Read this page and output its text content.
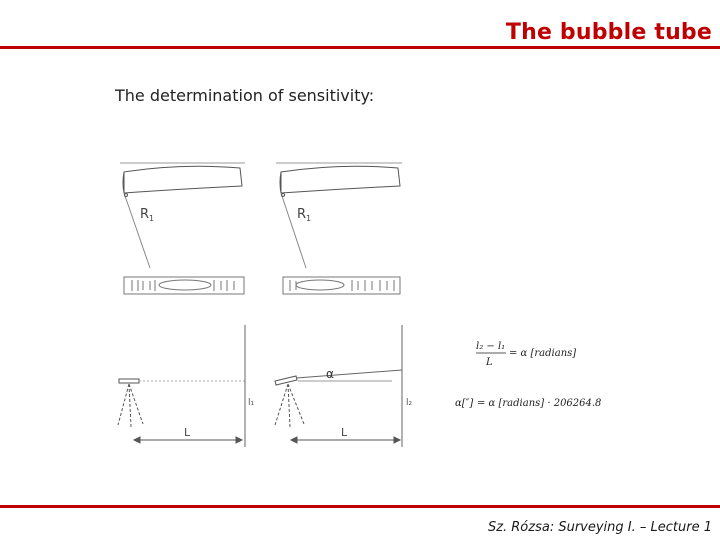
The bubble tube
The determination of sensitivity:
$R_1$	$R_1$
l₁
L
α
l₂
L
l₂ − l₁
L
= α [radians]
α[″] = α [radians] · 206264.8
Sz. Rózsa: Surveying I. – Lecture 1
